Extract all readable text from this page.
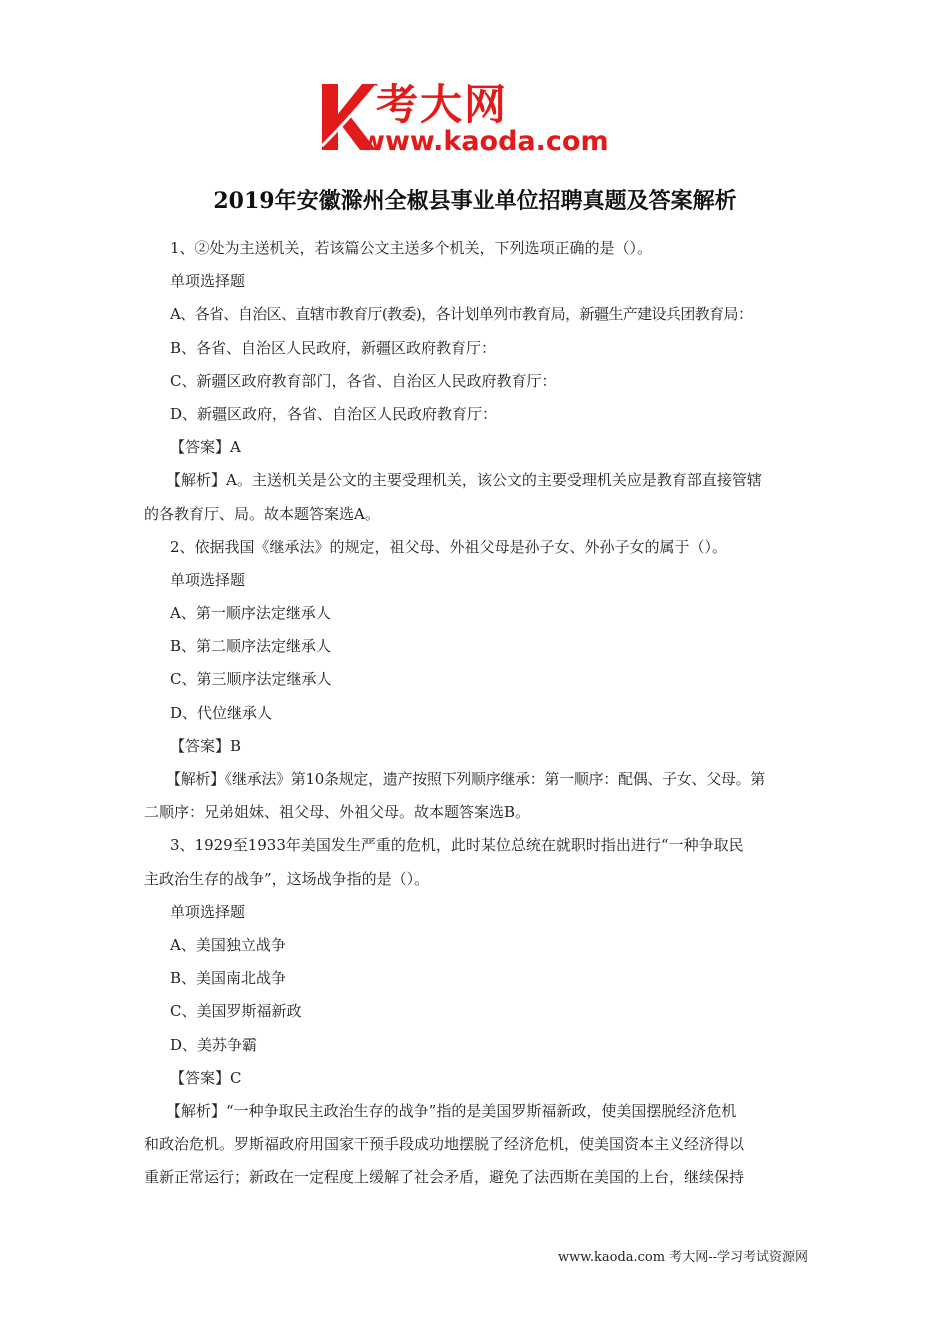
考大网
www.kaoda.com
2019年安徽滁州全椒县事业单位招聘真题及答案解析
1、②处为主送机关，若该篇公文主送多个机关，下列选项正确的是（）。
单项选择题
A、各省、自治区、直辖市教育厅(教委)，各计划单列市教育局，新疆生产建设兵团教育局：
B、各省、自治区人民政府，新疆区政府教育厅：
C、新疆区政府教育部门，各省、自治区人民政府教育厅：
D、新疆区政府，各省、自治区人民政府教育厅：
【答案】A
【解析】A。主送机关是公文的主要受理机关，该公文的主要受理机关应是教育部直接管辖
的各教育厅、局。故本题答案选A。
2、依据我国《继承法》的规定，祖父母、外祖父母是孙子女、外孙子女的属于（）。
单项选择题
A、第一顺序法定继承人
B、第二顺序法定继承人
C、第三顺序法定继承人
D、代位继承人
【答案】B
【解析】《继承法》第10条规定，遗产按照下列顺序继承：第一顺序：配偶、子女、父母。第
二顺序：兄弟姐妹、祖父母、外祖父母。故本题答案选B。
3、1929至1933年美国发生严重的危机，此时某位总统在就职时指出进行“一种争取民
主政治生存的战争”，这场战争指的是（）。
单项选择题
A、美国独立战争
B、美国南北战争
C、美国罗斯福新政
D、美苏争霸
【答案】C
【解析】“一种争取民主政治生存的战争”指的是美国罗斯福新政，使美国摆脱经济危机
和政治危机。罗斯福政府用国家干预手段成功地摆脱了经济危机，使美国资本主义经济得以
重新正常运行；新政在一定程度上缓解了社会矛盾，避免了法西斯在美国的上台，继续保持
www.kaoda.com 考大网--学习考试资源网
